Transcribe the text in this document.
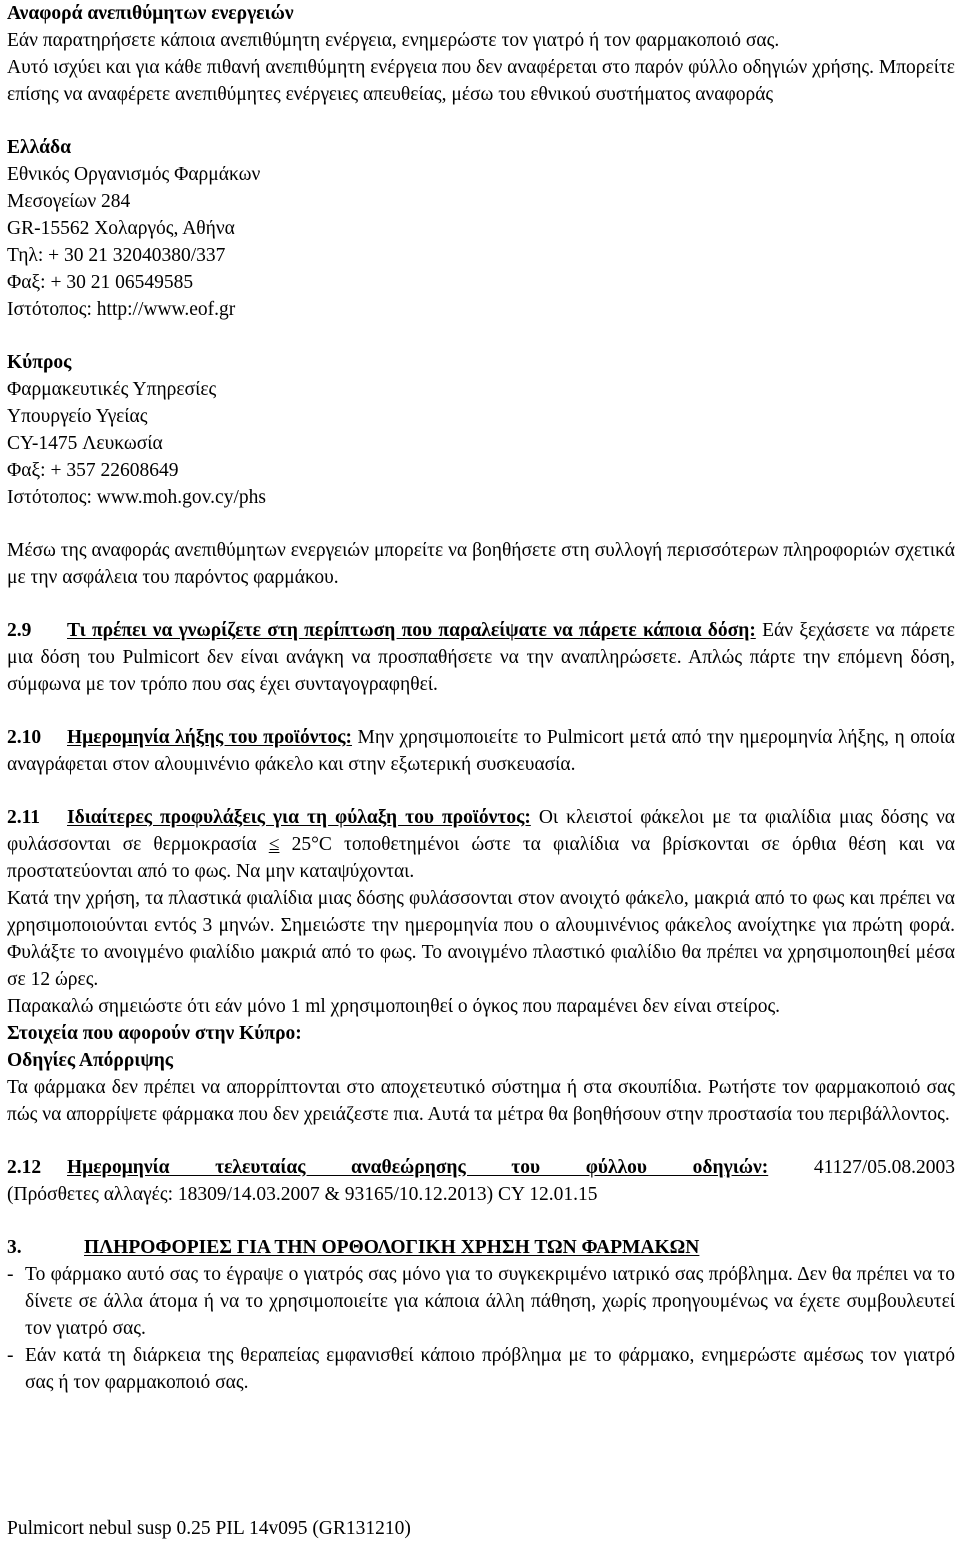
Αναφορά ανεπιθύμητων ενεργειών

Εάν παρατηρήσετε κάποια ανεπιθύμητη ενέργεια, ενημερώστε τον γιατρό ή τον φαρμακοποιό σας.

Αυτό ισχύει και για κάθε πιθανή ανεπιθύμητη ενέργεια που δεν αναφέρεται στο παρόν φύλλο οδηγιών χρήσης. Μπορείτε επίσης να αναφέρετε ανεπιθύμητες ενέργειες απευθείας, μέσω του εθνικού συστήματος αναφοράς

Ελλάδα

Εθνικός Οργανισμός Φαρμάκων

Μεσογείων 284

GR-15562 Χολαργός, Αθήνα

Τηλ: + 30 21 32040380/337

Φαξ: + 30 21 06549585

Ιστότοπος: http://www.eof.gr

Κύπρος

Φαρμακευτικές Υπηρεσίες

Υπουργείο Υγείας

CY-1475 Λευκωσία

Φαξ: + 357 22608649

Ιστότοπος: www.moh.gov.cy/phs

Μέσω της αναφοράς ανεπιθύμητων ενεργειών μπορείτε να βοηθήσετε στη συλλογή περισσότερων πληροφοριών σχετικά με την ασφάλεια του παρόντος φαρμάκου.

2.9 Τι πρέπει να γνωρίζετε στη περίπτωση που παραλείψατε να πάρετε κάποια δόση: Εάν ξεχάσετε να πάρετε μια δόση του Pulmicort δεν είναι ανάγκη να προσπαθήσετε να την αναπληρώσετε. Απλώς πάρτε την επόμενη δόση, σύμφωνα με τον τρόπο που σας έχει συνταγογραφηθεί.

2.10 Ημερομηνία λήξης του προϊόντος: Μην χρησιμοποιείτε το Pulmicort μετά από την ημερομηνία λήξης, η οποία αναγράφεται στον αλουμινένιο φάκελο και στην εξωτερική συσκευασία.

2.11 Ιδιαίτερες προφυλάξεις για τη φύλαξη του προϊόντος: Οι κλειστοί φάκελοι με τα φιαλίδια μιας δόσης να φυλάσσονται σε θερμοκρασία ≤ 25°C τοποθετημένοι ώστε τα φιαλίδια να βρίσκονται σε όρθια θέση και να προστατεύονται από το φως. Να μην καταψύχονται.

Κατά την χρήση, τα πλαστικά φιαλίδια μιας δόσης φυλάσσονται στον ανοιχτό φάκελο, μακριά από το φως και πρέπει να χρησιμοποιούνται εντός 3 μηνών. Σημειώστε την ημερομηνία που ο αλουμινένιος φάκελος ανοίχτηκε για πρώτη φορά. Φυλάξτε το ανοιγμένο φιαλίδιο μακριά από το φως. Το ανοιγμένο πλαστικό φιαλίδιο θα πρέπει να χρησιμοποιηθεί μέσα σε 12 ώρες.

Παρακαλώ σημειώστε ότι εάν μόνο 1 ml χρησιμοποιηθεί ο όγκος που παραμένει δεν είναι στείρος.

Στοιχεία που αφορούν στην Κύπρο:

Οδηγίες Απόρριψης

Τα φάρμακα δεν πρέπει να απορρίπτονται στο αποχετευτικό σύστημα ή στα σκουπίδια. Ρωτήστε τον φαρμακοποιό σας πώς να απορρίψετε φάρμακα που δεν χρειάζεστε πια. Αυτά τα μέτρα θα βοηθήσουν στην προστασία του περιβάλλοντος.

2.12 Ημερομηνία τελευταίας αναθεώρησης του φύλλου οδηγιών: 41127/05.08.2003

(Πρόσθετες αλλαγές: 18309/14.03.2007 & 93165/10.12.2013) CY 12.01.15

3.	ΠΛΗΡΟΦΟΡΙΕΣ ΓΙΑ ΤΗΝ ΟΡΘΟΛΟΓΙΚΗ ΧΡΗΣΗ ΤΩΝ ΦΑΡΜΑΚΩΝ

- Το φάρμακο αυτό σας το έγραψε ο γιατρός σας μόνο για το συγκεκριμένο ιατρικό σας πρόβλημα. Δεν θα πρέπει να το δίνετε σε άλλα άτομα ή να το χρησιμοποιείτε για κάποια άλλη πάθηση, χωρίς προηγουμένως να έχετε συμβουλευτεί τον γιατρό σας.
- Εάν κατά τη διάρκεια της θεραπείας εμφανισθεί κάποιο πρόβλημα με το φάρμακο, ενημερώστε αμέσως τον γιατρό σας ή τον φαρμακοποιό σας.
Pulmicort nebul susp 0.25 PIL 14v095 (GR131210)
